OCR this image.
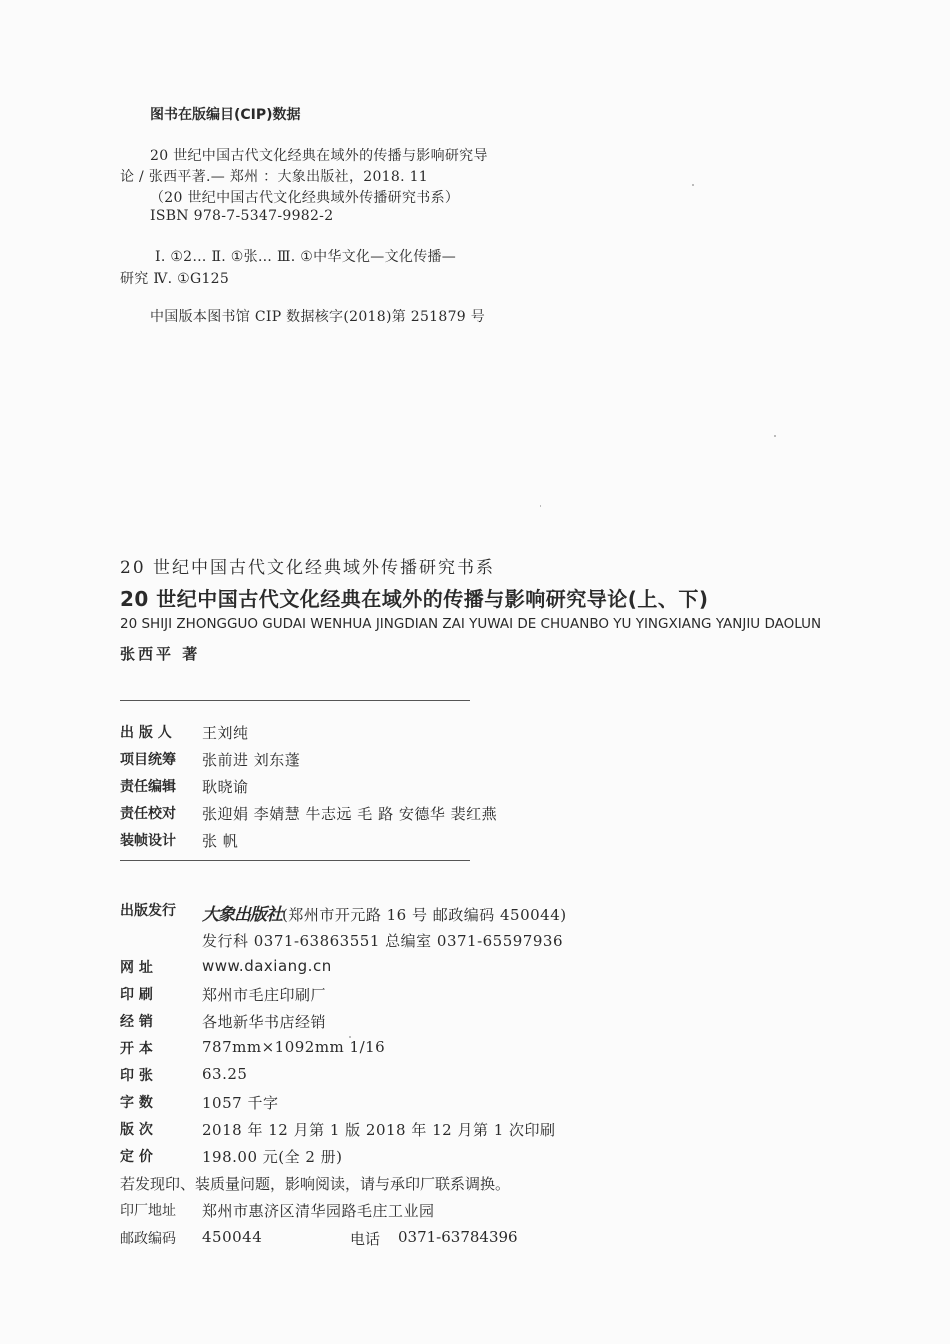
图书在版编目(CIP)数据
20 世纪中国古代文化经典在域外的传播与影响研究导
论 / 张西平著.— 郑州 ：大象出版社，2018. 11
（20 世纪中国古代文化经典域外传播研究书系）
ISBN 978-7-5347-9982-2
Ⅰ. ①2… Ⅱ. ①张… Ⅲ. ①中华文化—文化传播—
研究 Ⅳ. ①G125
中国版本图书馆 CIP 数据核字(2018)第 251879 号
20 世纪中国古代文化经典域外传播研究书系
20 世纪中国古代文化经典在域外的传播与影响研究导论(上、下)
20 SHIJI ZHONGGUO GUDAI WENHUA JINGDIAN ZAI YUWAI DE CHUANBO YU YINGXIANG YANJIU DAOLUN
张西平 著
出 版 人 王刘纯
项目统筹 张前进 刘东蓬
责任编辑 耿晓谕
责任校对 张迎娟 李婧慧 牛志远 毛 路 安德华 裴红燕
装帧设计 张 帆
出版发行 大象出版社(郑州市开元路 16 号 邮政编码 450044)
发行科 0371-63863551 总编室 0371-65597936
网 址	www.daxiang.cn
印 刷	郑州市毛庄印刷厂
经 销	各地新华书店经销
开 本	787mm×1092mm 1/16
印 张	63.25
字 数	1057 千字
版 次	2018 年 12 月第 1 版 2018 年 12 月第 1 次印刷
定 价	198.00 元(全 2 册)
若发现印、装质量问题，影响阅读，请与承印厂联系调换。
印厂地址 郑州市惠济区清华园路毛庄工业园
邮政编码 450044	电话 0371-63784396
